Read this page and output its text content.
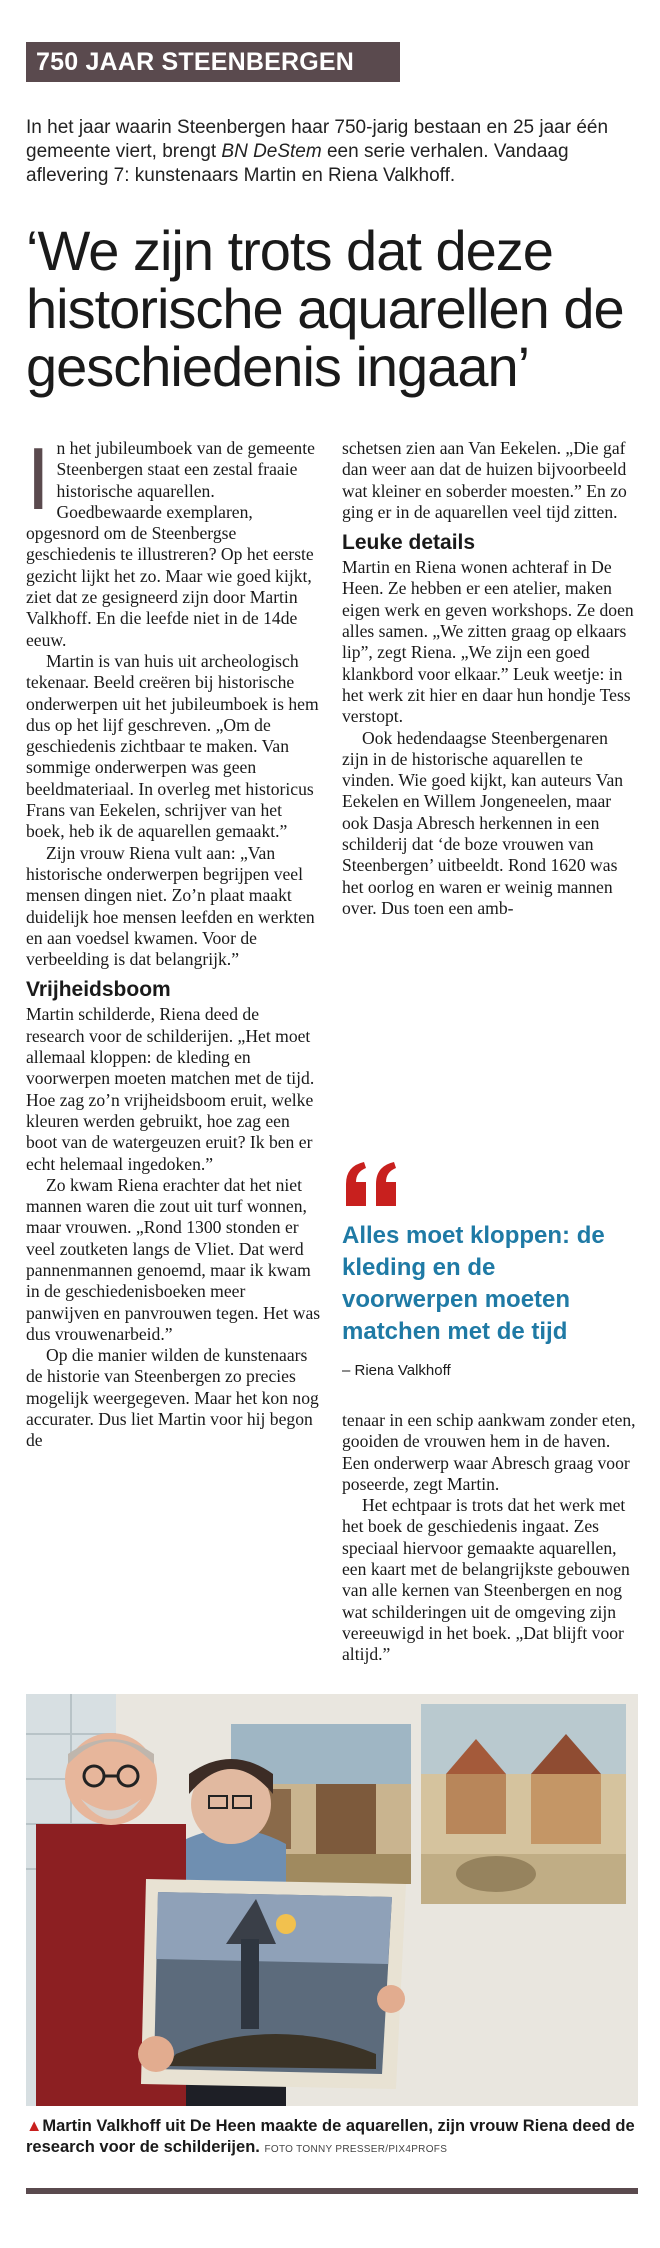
750 JAAR STEENBERGEN
In het jaar waarin Steenbergen haar 750-jarig bestaan en 25 jaar één gemeente viert, brengt BN DeStem een serie verhalen. Vandaag aflevering 7: kunstenaars Martin en Riena Valkhoff.
‘We zijn trots dat deze historische aquarellen de geschiedenis ingaan’
I n het jubileumboek van de gemeente Steenbergen staat een zestal fraaie historische aquarellen. Goedbewaarde exemplaren, opgesnord om de Steenbergse geschiedenis te illustreren? Op het eerste gezicht lijkt het zo. Maar wie goed kijkt, ziet dat ze gesigneerd zijn door Martin Valkhoff. En die leefde niet in de 14de eeuw.

Martin is van huis uit archeologisch tekenaar. Beeld creëren bij historische onderwerpen uit het jubileumboek is hem dus op het lijf geschreven. „Om de geschiedenis zichtbaar te maken. Van sommige onderwerpen was geen beeldmateriaal. In overleg met historicus Frans van Eekelen, schrijver van het boek, heb ik de aquarellen gemaakt.”

Zijn vrouw Riena vult aan: „Van historische onderwerpen begrijpen veel mensen dingen niet. Zo’n plaat maakt duidelijk hoe mensen leefden en werkten en aan voedsel kwamen. Voor de verbeelding is dat belangrijk.”

Vrijheidsboom

Martin schilderde, Riena deed de research voor de schilderijen. „Het moet allemaal kloppen: de kleding en voorwerpen moeten matchen met de tijd. Hoe zag zo’n vrijheidsboom eruit, welke kleuren werden gebruikt, hoe zag een boot van de watergeuzen eruit? Ik ben er echt helemaal ingedoken.”

Zo kwam Riena erachter dat het niet mannen waren die zout uit turf wonnen, maar vrouwen. „Rond 1300 stonden er veel zoutketen langs de Vliet. Dat werd pannenmannen genoemd, maar ik kwam in de geschiedenisboeken meer panwijven en panvrouwen tegen. Het was dus vrouwenarbeid.”

Op die manier wilden de kunstenaars de historie van Steenbergen zo precies mogelijk weergegeven. Maar het kon nog accurater. Dus liet Martin voor hij begon de

schetsen zien aan Van Eekelen. „Die gaf dan weer aan dat de huizen bijvoorbeeld wat kleiner en soberder moesten.” En zo ging er in de aquarellen veel tijd zitten.

Leuke details

Martin en Riena wonen achteraf in De Heen. Ze hebben er een atelier, maken eigen werk en geven workshops. Ze doen alles samen. „We zitten graag op elkaars lip”, zegt Riena. „We zijn een goed klankbord voor elkaar.” Leuk weetje: in het werk zit hier en daar hun hondje Tess verstopt.

Ook hedendaagse Steenbergenaren zijn in de historische aquarellen te vinden. Wie goed kijkt, kan auteurs Van Eekelen en Willem Jongeneelen, maar ook Dasja Abresch herkennen in een schilderij dat ‘de boze vrouwen van Steenbergen’ uitbeeldt. Rond 1620 was het oorlog en waren er weinig mannen over. Dus toen een amb-

Alles moet kloppen: de kleding en de voorwerpen moeten matchen met de tijd
– Riena Valkhoff

tenaar in een schip aankwam zonder eten, gooiden de vrouwen hem in de haven. Een onderwerp waar Abresch graag voor poseerde, zegt Martin.

Het echtpaar is trots dat het werk met het boek de geschiedenis ingaat. Zes speciaal hiervoor gemaakte aquarellen, een kaart met de belangrijkste gebouwen van alle kernen van Steenbergen en nog wat schilderingen uit de omgeving zijn vereeuwigd in het boek. „Dat blijft voor altijd.”

▲Martin Valkhoff uit De Heen maakte de aquarellen, zijn vrouw Riena deed de research voor de schilderijen. FOTO TONNY PRESSER/PIX4PROFS
